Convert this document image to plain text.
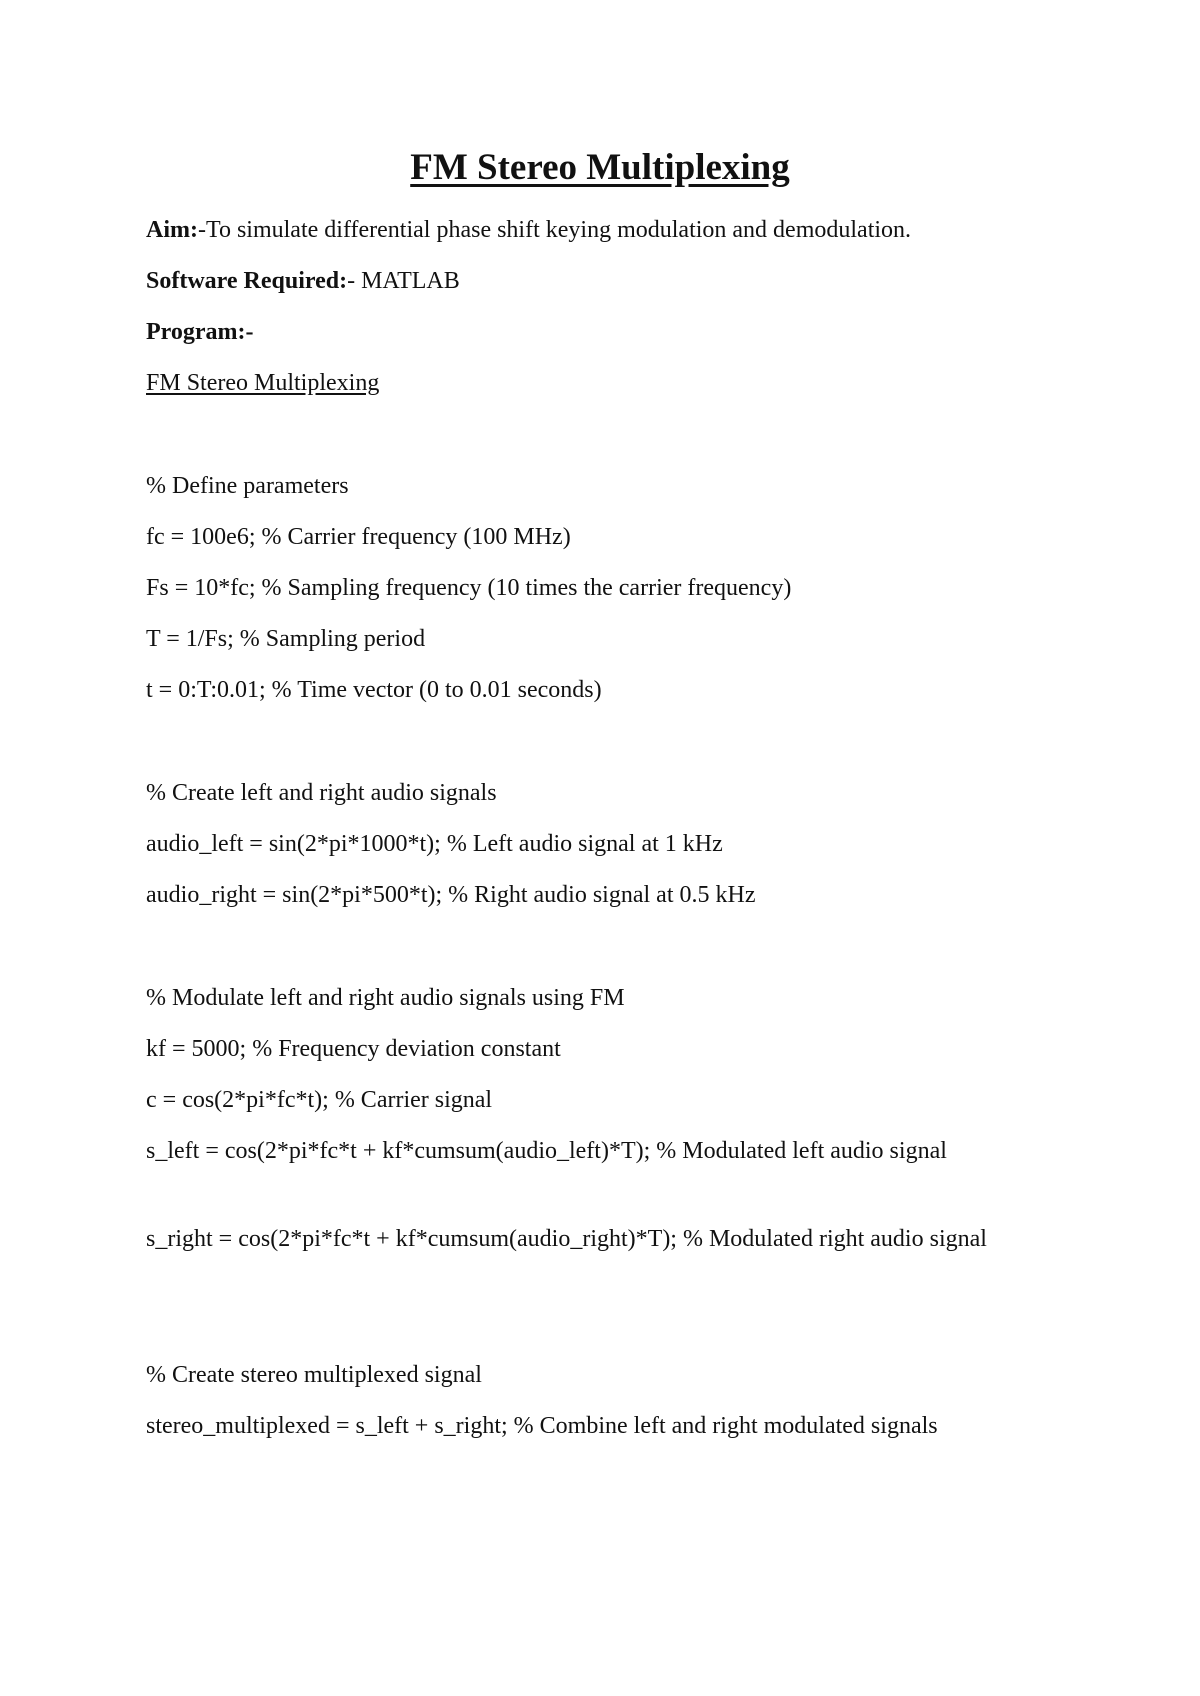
FM Stereo Multiplexing
Aim:-To simulate differential phase shift keying modulation and demodulation.
Software Required:- MATLAB
Program:-
FM Stereo Multiplexing
% Define parameters
fc = 100e6; % Carrier frequency (100 MHz)
Fs = 10*fc; % Sampling frequency (10 times the carrier frequency)
T = 1/Fs; % Sampling period
t = 0:T:0.01; % Time vector (0 to 0.01 seconds)
% Create left and right audio signals
audio_left = sin(2*pi*1000*t); % Left audio signal at 1 kHz
audio_right = sin(2*pi*500*t); % Right audio signal at 0.5 kHz
% Modulate left and right audio signals using FM
kf = 5000; % Frequency deviation constant
c = cos(2*pi*fc*t); % Carrier signal
s_left = cos(2*pi*fc*t + kf*cumsum(audio_left)*T); % Modulated left audio signal
s_right = cos(2*pi*fc*t + kf*cumsum(audio_right)*T); % Modulated right audio signal
% Create stereo multiplexed signal
stereo_multiplexed = s_left + s_right; % Combine left and right modulated signals
